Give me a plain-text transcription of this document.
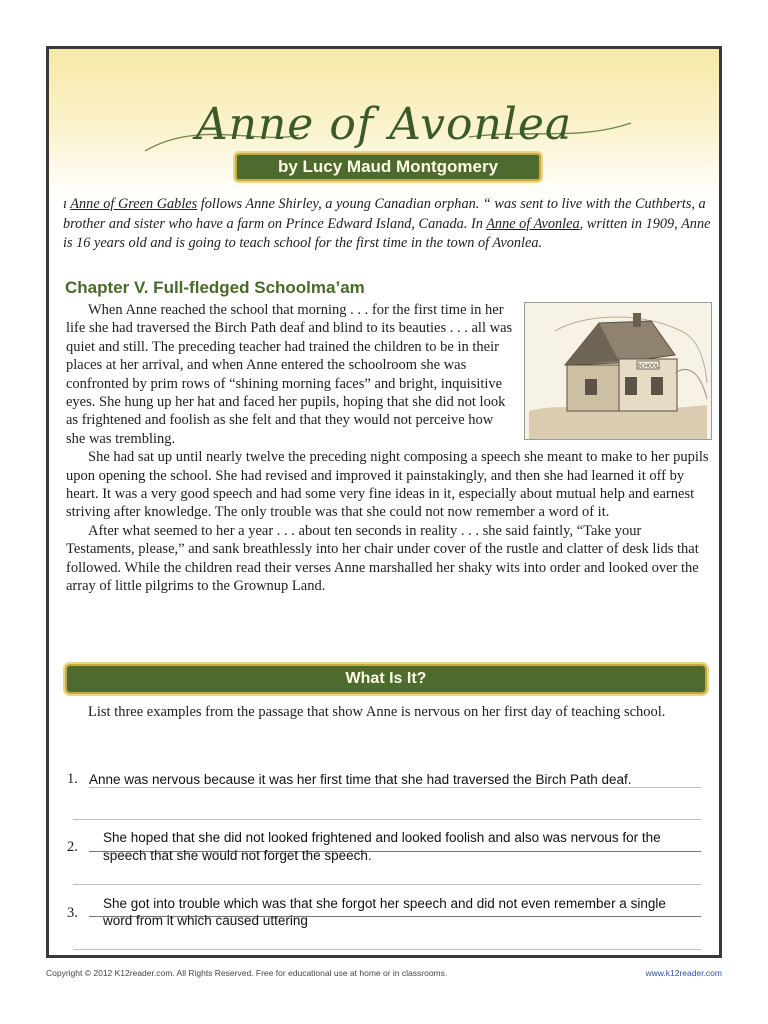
Anne of Avonlea
by Lucy Maud Montgomery
ı Anne of Green Gables follows Anne Shirley, a young Canadian orphan. “ was sent to live with the Cuthberts, a brother and sister who have a farm on Prince Edward Island, Canada. In Anne of Avonlea, written in 1909, Anne is 16 years old and is going to teach school for the first time in the town of Avonlea.
Chapter V. Full-fledged Schoolma’am
SCHOOL

When Anne reached the school that morning . . . for the first time in her life she had traversed the Birch Path deaf and blind to its beauties . . . all was quiet and still. The preceding teacher had trained the children to be in their places at her arrival, and when Anne entered the schoolroom she was confronted by prim rows of “shining morning faces” and bright, inquisitive eyes. She hung up her hat and faced her pupils, hoping that she did not look as frightened and foolish as she felt and that they would not perceive how she was trembling.

She had sat up until nearly twelve the preceding night composing a speech she meant to make to her pupils upon opening the school. She had revised and improved it painstakingly, and then she had learned it off by heart. It was a very good speech and had some very fine ideas in it, especially about mutual help and earnest striving after knowledge. The only trouble was that she could not now remember a word of it.

After what seemed to her a year . . . about ten seconds in reality . . . she said faintly, “Take your Testaments, please,” and sank breathlessly into her chair under cover of the rustle and clatter of desk lids that followed. While the children read their verses Anne marshalled her shaky wits into order and looked over the array of little pilgrims to the Grownup Land.

What Is It?

List three examples from the passage that show Anne is nervous on her first day of teaching school.

1. Anne was nervous because it was her first time that she had traversed the Birch Path deaf.
2.
She hoped that she did not looked frightened and looked foolish and also was nervous for the
speech that she would not forget the speech.
3.
She got into trouble which was that she forgot her speech and did not even remember a single
word from it which caused uttering
Copyright © 2012 K12reader.com. All Rights Reserved. Free for educational use at home or in classrooms.	www.k12reader.com
